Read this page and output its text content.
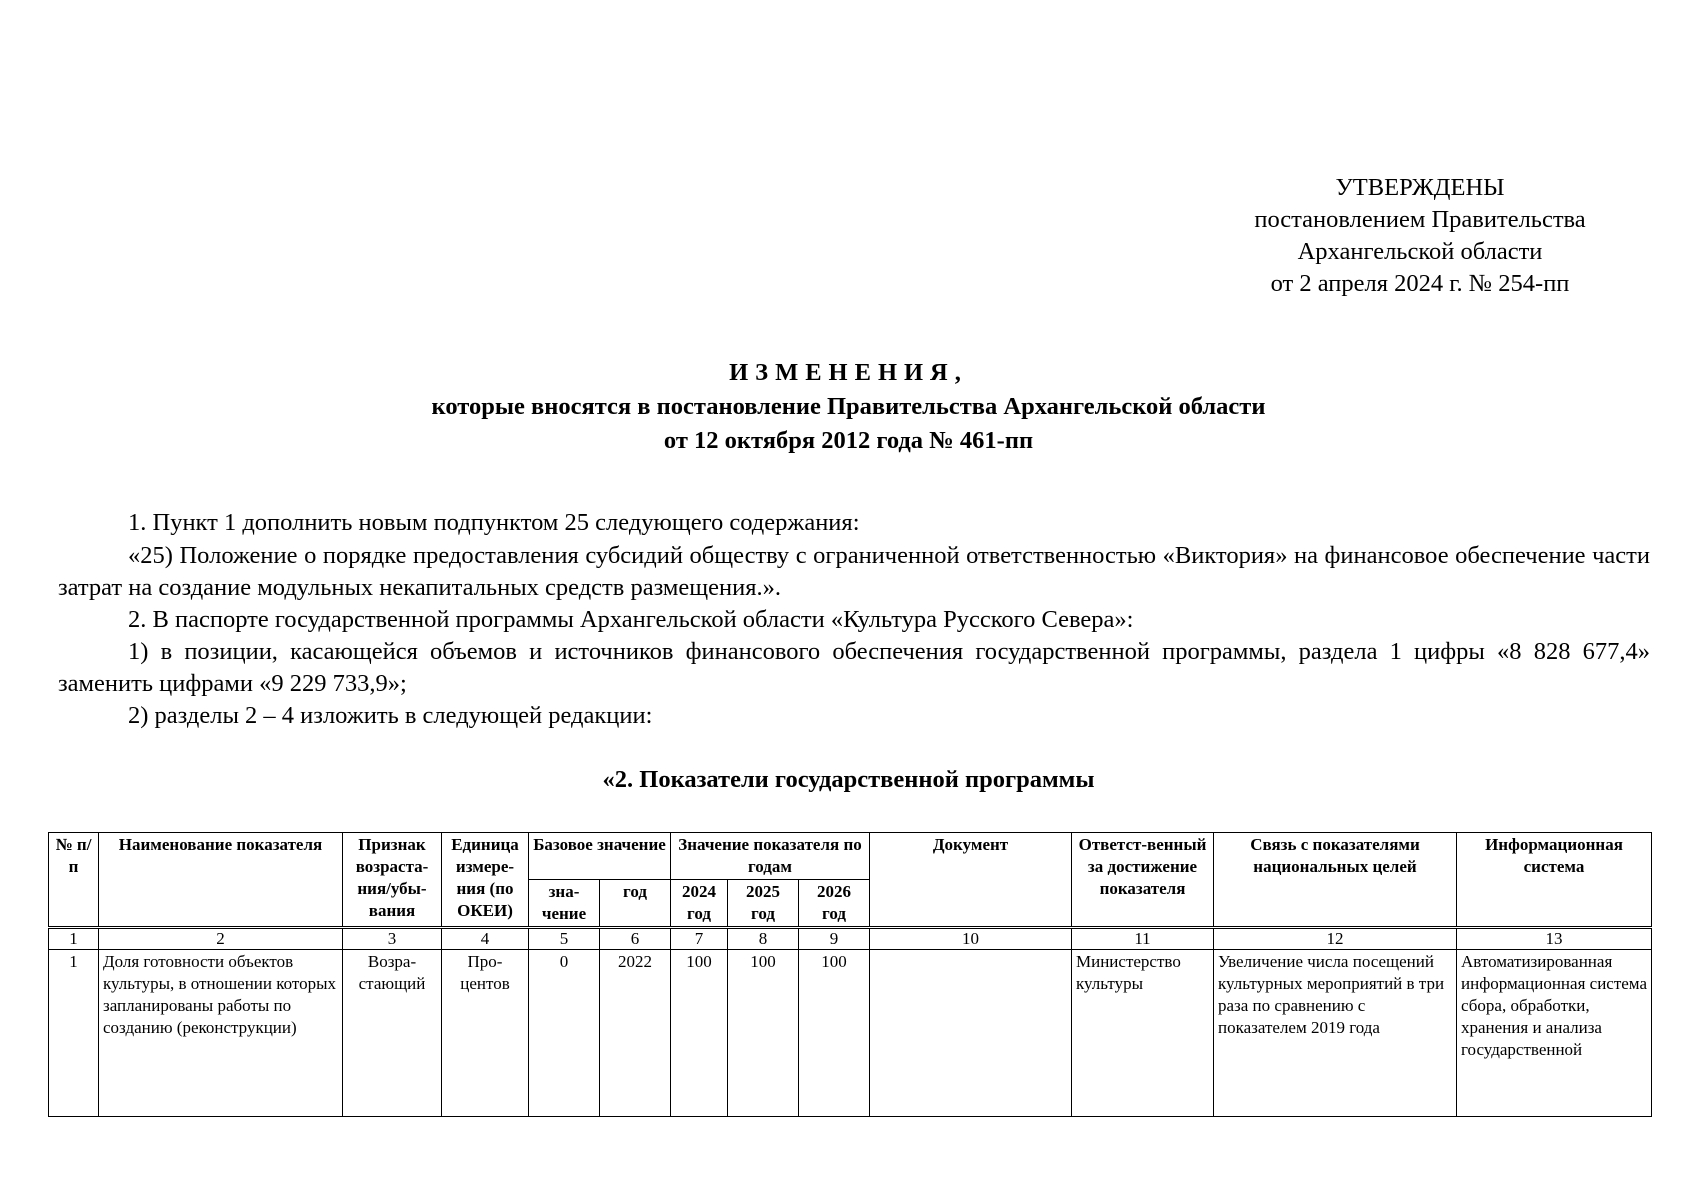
УТВЕРЖДЕНЫ
постановлением Правительства
Архангельской области
от 2 апреля 2024 г. № 254-пп
ИЗМЕНЕНИЯ,
которые вносятся в постановление Правительства Архангельской области
от 12 октября 2012 года № 461-пп
1. Пункт 1 дополнить новым подпунктом 25 следующего содержания:
«25) Положение о порядке предоставления субсидий обществу с ограниченной ответственностью «Виктория» на финансовое обеспечение части затрат на создание модульных некапитальных средств размещения.».
2. В паспорте государственной программы Архангельской области «Культура Русского Севера»:
1) в позиции, касающейся объемов и источников финансового обеспечения государственной программы, раздела 1 цифры «8 828 677,4» заменить цифрами «9 229 733,9»;
2) разделы 2 – 4 изложить в следующей редакции:
«2. Показатели государственной программы
№ п/п	Наименование показателя	Признак возраста-ния/убы-вания	Единица измере-ния (по ОКЕИ)	Базовое значение		Значение показателя по годам			Документ	Ответст-венный за достижение показателя	Связь с показателями национальных целей	Информационная система
				зна-чение	год	2024 год	2025 год	2026 год				
1	2	3	4	5	6	7	8	9	10	11	12	13
1	Доля готовности объектов культуры, в отношении которых запланированы работы по созданию (реконструкции)	Возра-стающий	Про-центов	0	2022	100	100	100		Министерство культуры	Увеличение числа посещений культурных мероприятий в три раза по сравнению с показателем 2019 года	Автоматизированная информационная система сбора, обработки, хранения и анализа государственной
